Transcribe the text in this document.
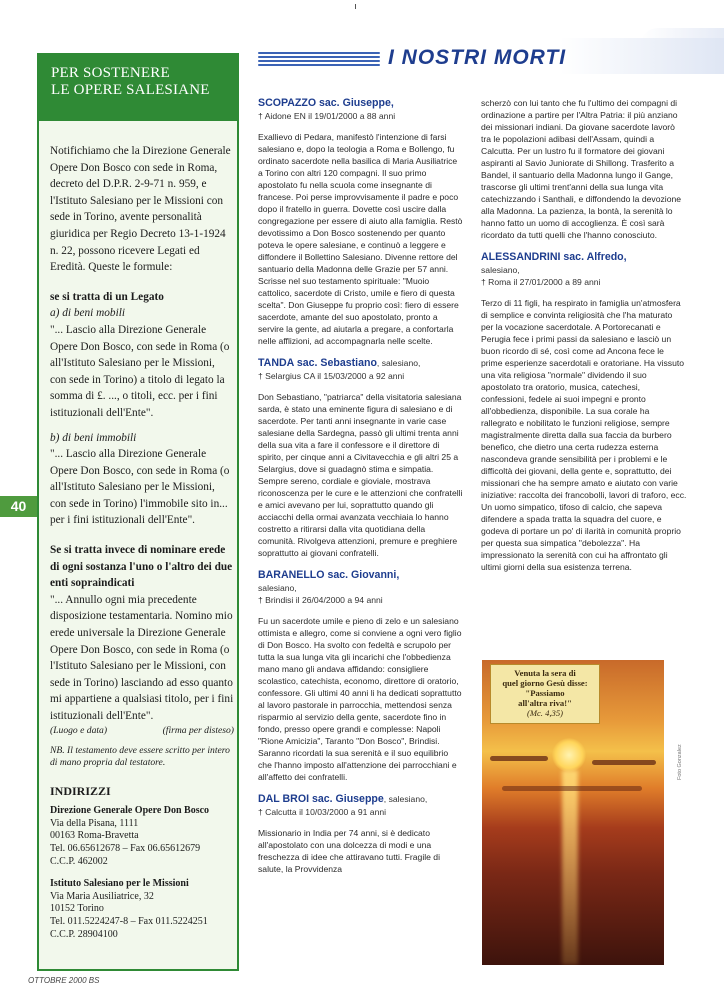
PER SOSTENERE
LE OPERE SALESIANE

Notifichiamo che la Direzione Generale Opere Don Bosco con sede in Roma, decreto del D.P.R. 2-9-71 n. 959, e l'Istituto Salesiano per le Missioni con sede in Torino, avente personalità giuridica per Regio Decreto 13-1-1924 n. 22, possono ricevere Legati ed Eredità. Queste le formule:

se si tratta di un Legato

a) di beni mobili

"... Lascio alla Direzione Generale Opere Don Bosco, con sede in Roma (o all'Istituto Salesiano per le Missioni, con sede in Torino) a titolo di legato la somma di £. ..., o titoli, ecc. per i fini istituzionali dell'Ente".

b) di beni immobili

"... Lascio alla Direzione Generale Opere Don Bosco, con sede in Roma (o all'Istituto Salesiano per le Missioni, con sede in Torino) l'immobile sito in... per i fini istituzionali dell'Ente".

Se si tratta invece di nominare erede di ogni sostanza l'uno o l'altro dei due enti sopraindicati

"... Annullo ogni mia precedente disposizione testamentaria. Nomino mio erede universale la Direzione Generale Opere Don Bosco, con sede in Roma (o l'Istituto Salesiano per le Missioni, con sede in Torino) lasciando ad esso quanto mi appartiene a qualsiasi titolo, per i fini istituzionali dell'Ente".

(Luogo e data)	(firma per disteso)

NB. Il testamento deve essere scritto per intero di mano propria dal testatore.

INDIRIZZI

Direzione Generale Opere Don Bosco
Via della Pisana, 1111
00163 Roma-Bravetta
Tel. 06.65612678 – Fax 06.65612679
C.C.P. 462002
Istituto Salesiano per le Missioni
Via Maria Ausiliatrice, 32
10152 Torino
Tel. 011.5224247-8 – Fax 011.5224251
C.C.P. 28904100
40
OTTOBRE 2000 BS
I NOSTRI MORTI
SCOPAZZO sac. Giuseppe,
† Aidone EN il 19/01/2000 a 88 anni
Exallievo di Pedara, manifestò l'intenzione di farsi salesiano e, dopo la teologia a Roma e Bollengo, fu ordinato sacerdote nella basilica di Maria Ausiliatrice a Torino con altri 120 compagni. Il suo primo apostolato fu nella scuola come insegnante di francese. Poi perse improvvisamente il padre e poco dopo il fratello in guerra. Dovette così uscire dalla congregazione per essere di aiuto alla famiglia. Restò devotissimo a Don Bosco sostenendo per quanto poteva le opere salesiane, e continuò a leggere e diffondere il Bollettino Salesiano. Divenne rettore del santuario della Madonna delle Grazie per 57 anni. Scrisse nel suo testamento spirituale: "Muoio cattolico, sacerdote di Cristo, umile e fiero di questa scelta". Don Giuseppe fu proprio così: fiero di essere sacerdote, amante del suo apostolato, pronto a servire la gente, ad aiutarla a pregare, a confortarla nelle afflizioni, ad accompagnarla nelle scelte.
TANDA sac. Sebastiano, salesiano,
† Selargius CA il 15/03/2000 a 92 anni
Don Sebastiano, "patriarca" della visitatoria salesiana sarda, è stato una eminente figura di salesiano e di sacerdote. Per tanti anni insegnante in varie case salesiane della Sardegna, passò gli ultimi trenta anni della sua vita a fare il confessore e il direttore di spirito, per cinque anni a Civitavecchia e gli altri 25 a Selargius, dove si guadagnò stima e simpatia. Sempre sereno, cordiale e gioviale, mostrava riconoscenza per le cure e le attenzioni che confratelli e amici avevano per lui, soprattutto quando gli acciacchi della ormai avanzata vecchiaia lo hanno costretto a ritirarsi dalla vita quotidiana della comunità. Rivolgeva attenzioni, premure e preghiere soprattutto ai giovani confratelli.
BARANELLO sac. Giovanni,
salesiano,
† Brindisi il 26/04/2000 a 94 anni
Fu un sacerdote umile e pieno di zelo e un salesiano ottimista e allegro, come si conviene a ogni vero figlio di Don Bosco. Ha svolto con fedeltà e scrupolo per tutta la sua lunga vita gli incarichi che l'obbedienza mano mano gli andava affidando: consigliere scolastico, catechista, economo, direttore di oratorio, confessore. Gli ultimi 40 anni li ha dedicati soprattutto al lavoro pastorale in parrocchia, mettendosi senza risparmio al servizio della gente, sacerdote fino in fondo, presso opere grandi e complesse: Napoli "Rione Amicizia", Taranto "Don Bosco", Brindisi. Saranno ricordati la sua serenità e il suo equilibrio che l'hanno imposto all'attenzione dei parrocchiani e all'affetto dei confratelli.
DAL BROI sac. Giuseppe, salesiano,
† Calcutta il 10/03/2000 a 91 anni
Missionario in India per 74 anni, si è dedicato all'apostolato con una dolcezza di modi e una freschezza di idee che attiravano tutti. Fragile di salute, la Provvidenza
scherzò con lui tanto che fu l'ultimo dei compagni di ordinazione a partire per l'Altra Patria: il più anziano dei missionari indiani. Da giovane sacerdote lavorò tra le popolazioni adibasi dell'Assam, quindi a Calcutta. Per un lustro fu il formatore dei giovani aspiranti al Savio Juniorate di Shillong. Trasferito a Bandel, il santuario della Madonna lungo il Gange, trascorse gli ultimi trent'anni della sua lunga vita catechizzando i Santhali, e diffondendo la devozione alla Madonna. La pazienza, la bontà, la serenità lo hanno fatto un uomo di accoglienza. È così sarà ricordato da tutti quelli che l'hanno conosciuto.
ALESSANDRINI sac. Alfredo,
salesiano,
† Roma il 27/01/2000 a 89 anni
Terzo di 11 figli, ha respirato in famiglia un'atmosfera di semplice e convinta religiosità che l'ha maturato per la vocazione sacerdotale. A Portorecanati e Perugia fece i primi passi da salesiano e lasciò un buon ricordo di sé, così come ad Ancona fece le prime esperienze sacerdotali e oratoriane. Ha vissuto una vita religiosa "normale" dividendo il suo apostolato tra oratorio, musica, catechesi, confessioni, fedele ai suoi impegni e pronto all'obbedienza, disponibile. La sua corale ha rallegrato e nobilitato le funzioni religiose, sempre magistralmente diretta dalla sua faccia da burbero benefico, che dietro una certa rudezza esterna nascondeva grande sensibilità per i problemi e le difficoltà dei giovani, della gente e, soprattutto, dei missionari che ha sempre amato e aiutato con varie iniziative: raccolta dei francobolli, lavori di traforo, ecc. Un uomo simpatico, tifoso di calcio, che sapeva difendere a spada tratta la squadra del cuore, e godeva di portare un po' di ilarità in comunità proprio per questa sua simpatica "debolezza". Ha impressionato la serenità con cui ha affrontato gli ultimi giorni della sua esistenza terrena.
Venuta la sera di
quel giorno Gesù disse:
"Passiamo
all'altra riva!"
(Mc. 4,35)
Foto Gonzalez
